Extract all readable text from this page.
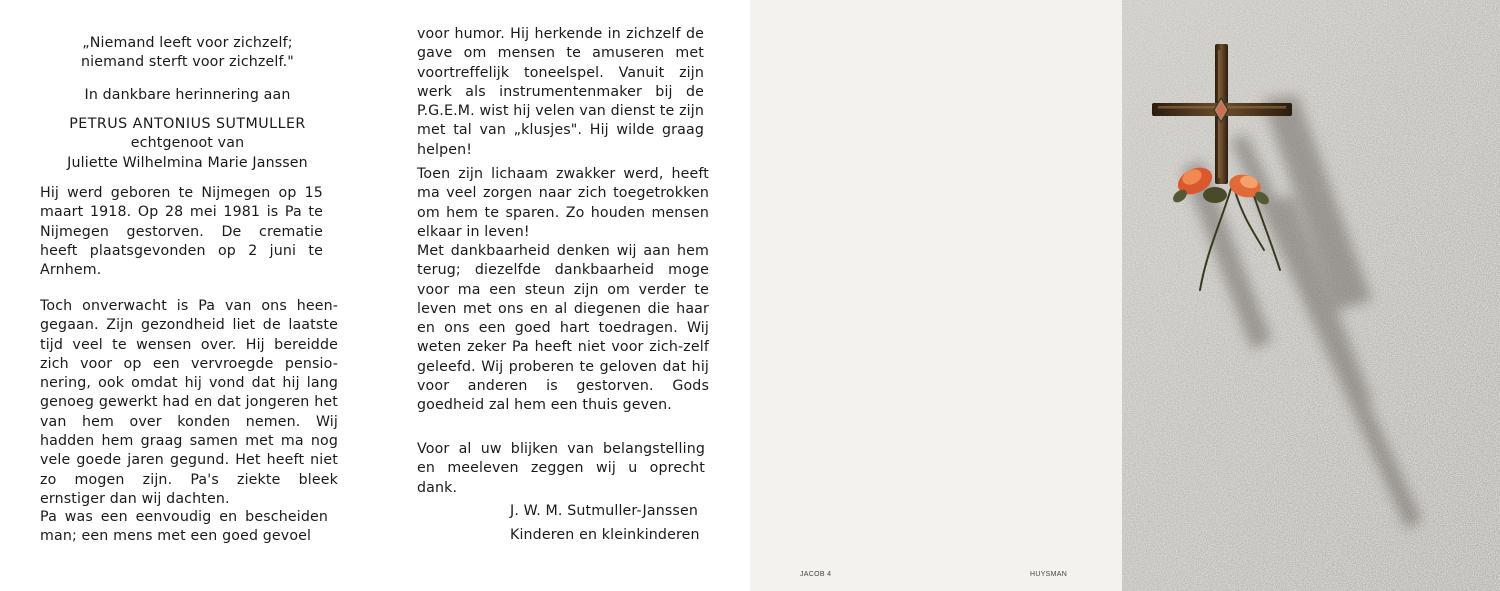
„Niemand leeft voor zichzelf;
niemand sterft voor zichzelf."
In dankbare herinnering aan
PETRUS ANTONIUS SUTMULLER
echtgenoot van
Juliette Wilhelmina Marie Janssen

Hij werd geboren te Nijmegen op 15 maart 1918. Op 28 mei 1981 is Pa te Nijmegen gestorven. De crematie heeft plaatsgevonden op 2 juni te Arnhem.

Toch onverwacht is Pa van ons heen-gegaan. Zijn gezondheid liet de laatste tijd veel te wensen over. Hij bereidde zich voor op een vervroegde pensio-nering, ook omdat hij vond dat hij lang genoeg gewerkt had en dat jongeren het van hem over konden nemen. Wij hadden hem graag samen met ma nog vele goede jaren gegund. Het heeft niet zo mogen zijn. Pa's ziekte bleek ernstiger dan wij dachten.

Pa was een eenvoudig en bescheiden man; een mens met een goed gevoel

voor humor. Hij herkende in zichzelf de gave om mensen te amuseren met voortreffelijk toneelspel. Vanuit zijn werk als instrumentenmaker bij de P.G.E.M. wist hij velen van dienst te zijn met tal van „klusjes". Hij wilde graag helpen!

Toen zijn lichaam zwakker werd, heeft ma veel zorgen naar zich toegetrokken om hem te sparen. Zo houden mensen elkaar in leven!

Met dankbaarheid denken wij aan hem terug; diezelfde dankbaarheid moge voor ma een steun zijn om verder te leven met ons en al diegenen die haar en ons een goed hart toedragen. Wij weten zeker Pa heeft niet voor zich-zelf geleefd. Wij proberen te geloven dat hij voor anderen is gestorven. Gods goedheid zal hem een thuis geven.

Voor al uw blijken van belangstelling en meeleven zeggen wij u oprecht dank.

J. W. M. Sutmuller-Janssen
Kinderen en kleinkinderen
JACOB 4	HUYSMAN
